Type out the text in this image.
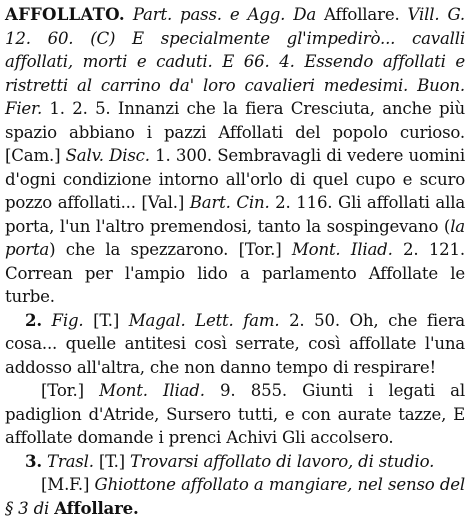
AFFOLLATO. Part. pass. e Agg. Da Affollare. Vill. G. 12. 60. (C) E specialmente gl'impedirò... cavalli affollati, morti e caduti. E 66. 4. Essendo affollati e ristretti al carrino da' loro cavalieri medesimi. Buon. Fier. 1. 2. 5. Innanzi che la fiera Cresciuta, anche più spazio abbiano i pazzi Affollati del popolo curioso. [Cam.] Salv. Disc. 1. 300. Sembravagli di vedere uomini d'ogni condizione intorno all'orlo di quel cupo e scuro pozzo affollati... [Val.] Bart. Cin. 2. 116. Gli affollati alla porta, l'un l'altro premendosi, tanto la sospingevano (la porta) che la spezzarono. [Tor.] Mont. Iliad. 2. 121. Correan per l'ampio lido a parlamento Affollate le turbe.

2. Fig. [T.] Magal. Lett. fam. 2. 50. Oh, che fiera cosa... quelle antitesi così serrate, così affollate l'una addosso all'altra, che non danno tempo di respirare!

[Tor.] Mont. Iliad. 9. 855. Giunti i legati al padiglion d'Atride, Sursero tutti, e con aurate tazze, E affollate domande i prenci Achivi Gli accolsero.

3. Trasl. [T.] Trovarsi affollato di lavoro, di studio.

[M.F.] Ghiottone affollato a mangiare, nel senso del § 3 di Affollare.
